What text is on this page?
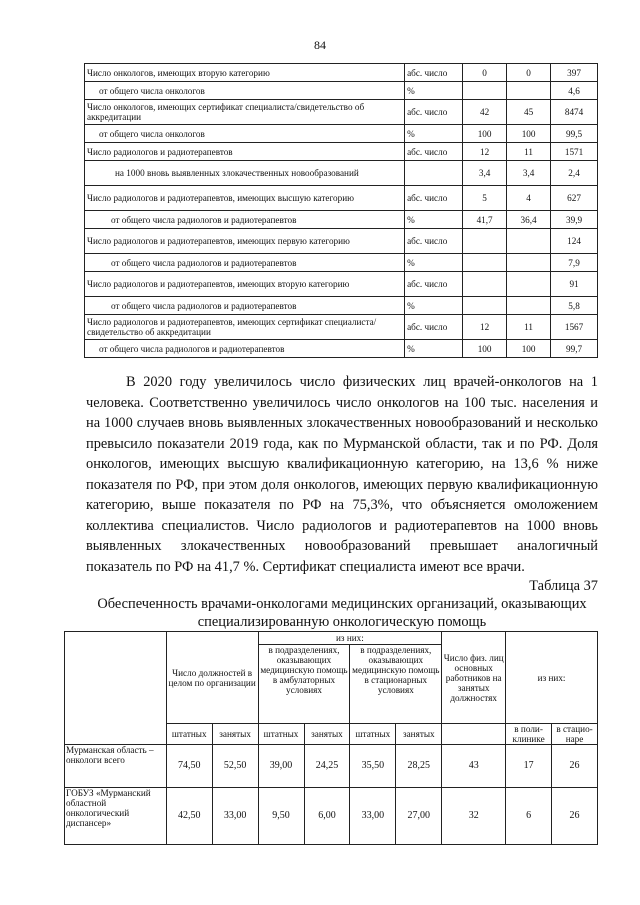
84
Число онкологов, имеющих вторую категорию	абс. число	0	0	397
от общего числа онкологов	%			4,6
Число онкологов, имеющих сертификат специалиста/свидетельство об аккредитации	абс. число	42	45	8474
от общего числа онкологов	%	100	100	99,5
Число радиологов и радиотерапевтов	абс. число	12	11	1571
на 1000 вновь выявленных злокачественных новообразований		3,4	3,4	2,4
Число радиологов и радиотерапевтов, имеющих высшую категорию	абс. число	5	4	627
от общего числа радиологов и радиотерапевтов	%	41,7	36,4	39,9
Число радиологов и радиотерапевтов, имеющих первую категорию	абс. число			124
от общего числа радиологов и радиотерапевтов	%			7,9
Число радиологов и радиотерапевтов, имеющих вторую категорию	абс. число			91
от общего числа радиологов и радиотерапевтов	%			5,8
Число радиологов и радиотерапевтов, имеющих сертификат специалиста/свидетельство об аккредитации	абс. число	12	11	1567
от общего числа радиологов и радиотерапевтов	%	100	100	99,7

В 2020 году увеличилось число физических лиц врачей-онкологов на 1 человека. Соответственно увеличилось число онкологов на 100 тыс. населения и на 1000 случаев вновь выявленных злокачественных новообразований и несколько превысило показатели 2019 года, как по Мурманской области, так и по РФ. Доля онкологов, имеющих высшую квалификационную категорию, на 13,6 % ниже показателя по РФ, при этом доля онкологов, имеющих первую квалификационную категорию, выше показателя по РФ на 75,3%, что объясняется омоложением коллектива специалистов. Число радиологов и радиотерапевтов на 1000 вновь выявленных злокачественных новообразований превышает аналогичный показатель по РФ на 41,7 %. Сертификат специалиста имеют все врачи.

Таблица 37
Обеспеченность врачами-онкологами медицинских организаций, оказывающих специализированную онкологическую помощь
	Число должностей в целом по организации		из них:				Число физ. лиц основных работников на занятых должностях	из них:	
			в подразделениях, оказывающих медицинскую помощь в амбулаторных условиях		в подразделениях, оказывающих медицинскую помощь в стационарных условиях				
	штатных	занятых	штатных	занятых	штатных	занятых		в поли-клинике	в стацио-наре
Мурманская область – онкологи всего	74,50	52,50	39,00	24,25	35,50	28,25	43	17	26
ГОБУЗ «Мурманский областной онкологический диспансер»	42,50	33,00	9,50	6,00	33,00	27,00	32	6	26
